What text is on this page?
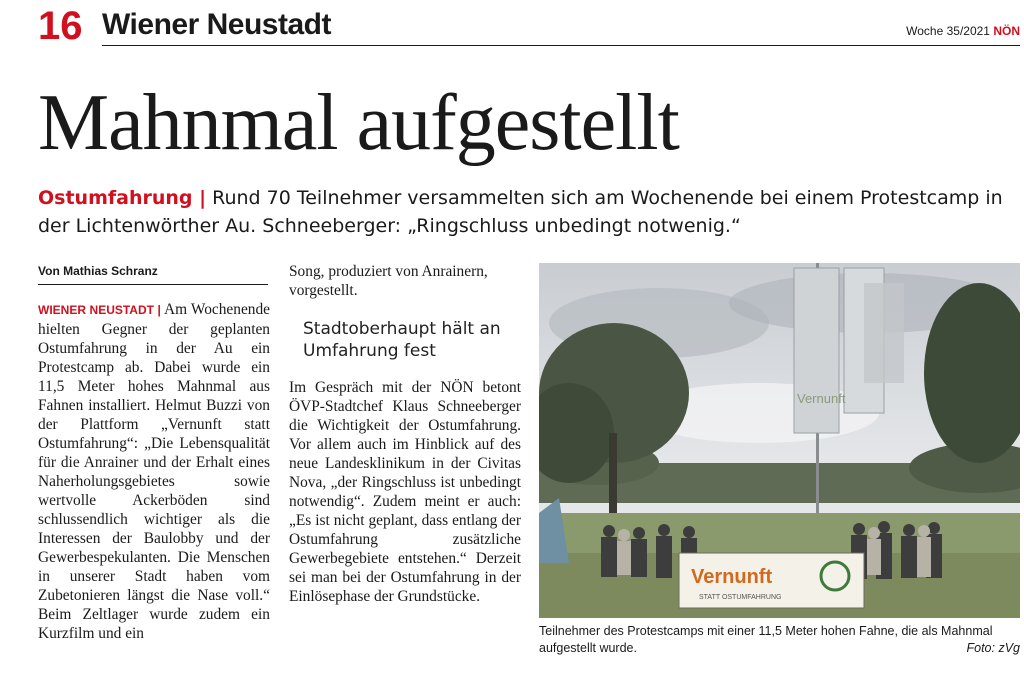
16 Wiener Neustadt	Woche 35/2021 NÖN
Mahnmal aufgestellt
Ostumfahrung | Rund 70 Teilnehmer versammelten sich am Wochenende bei einem Protestcamp in der Lichtenwörther Au. Schneeberger: „Ringschluss unbedingt notwenig.“
Von Mathias Schranz
WIENER NEUSTADT | Am Wochenende hielten Gegner der geplanten Ostumfahrung in der Au ein Protestcamp ab. Dabei wurde ein 11,5 Meter hohes Mahnmal aus Fahnen installiert. Helmut Buzzi von der Plattform „Vernunft statt Ostumfahrung“: „Die Lebensqualität für die Anrainer und der Erhalt eines Naherholungsgebietes sowie wertvolle Ackerböden sind schlussendlich wichtiger als die Interessen der Baulobby und der Gewerbespekulanten. Die Menschen in unserer Stadt haben vom Zubetonieren längst die Nase voll.“ Beim Zeltlager wurde zudem ein Kurzfilm und ein
Song, produziert von Anrainern, vorgestellt.
Stadtoberhaupt hält an Umfahrung fest
Im Gespräch mit der NÖN betont ÖVP-Stadtchef Klaus Schneeberger die Wichtigkeit der Ostumfahrung. Vor allem auch im Hinblick auf des neue Landesklinikum in der Civitas Nova, „der Ringschluss ist unbedingt notwendig“. Zudem meint er auch: „Es ist nicht geplant, dass entlang der Ostumfahrung zusätzliche Gewerbegebiete entstehen.“ Derzeit sei man bei der Ostumfahrung in der Einlösephase der Grundstücke.
Vernunft
Vernunft
STATT OSTUMFAHRUNG
Teilnehmer des Protestcamps mit einer 11,5 Meter hohen Fahne, die als Mahnmal aufgestellt wurde.	Foto: zVg
